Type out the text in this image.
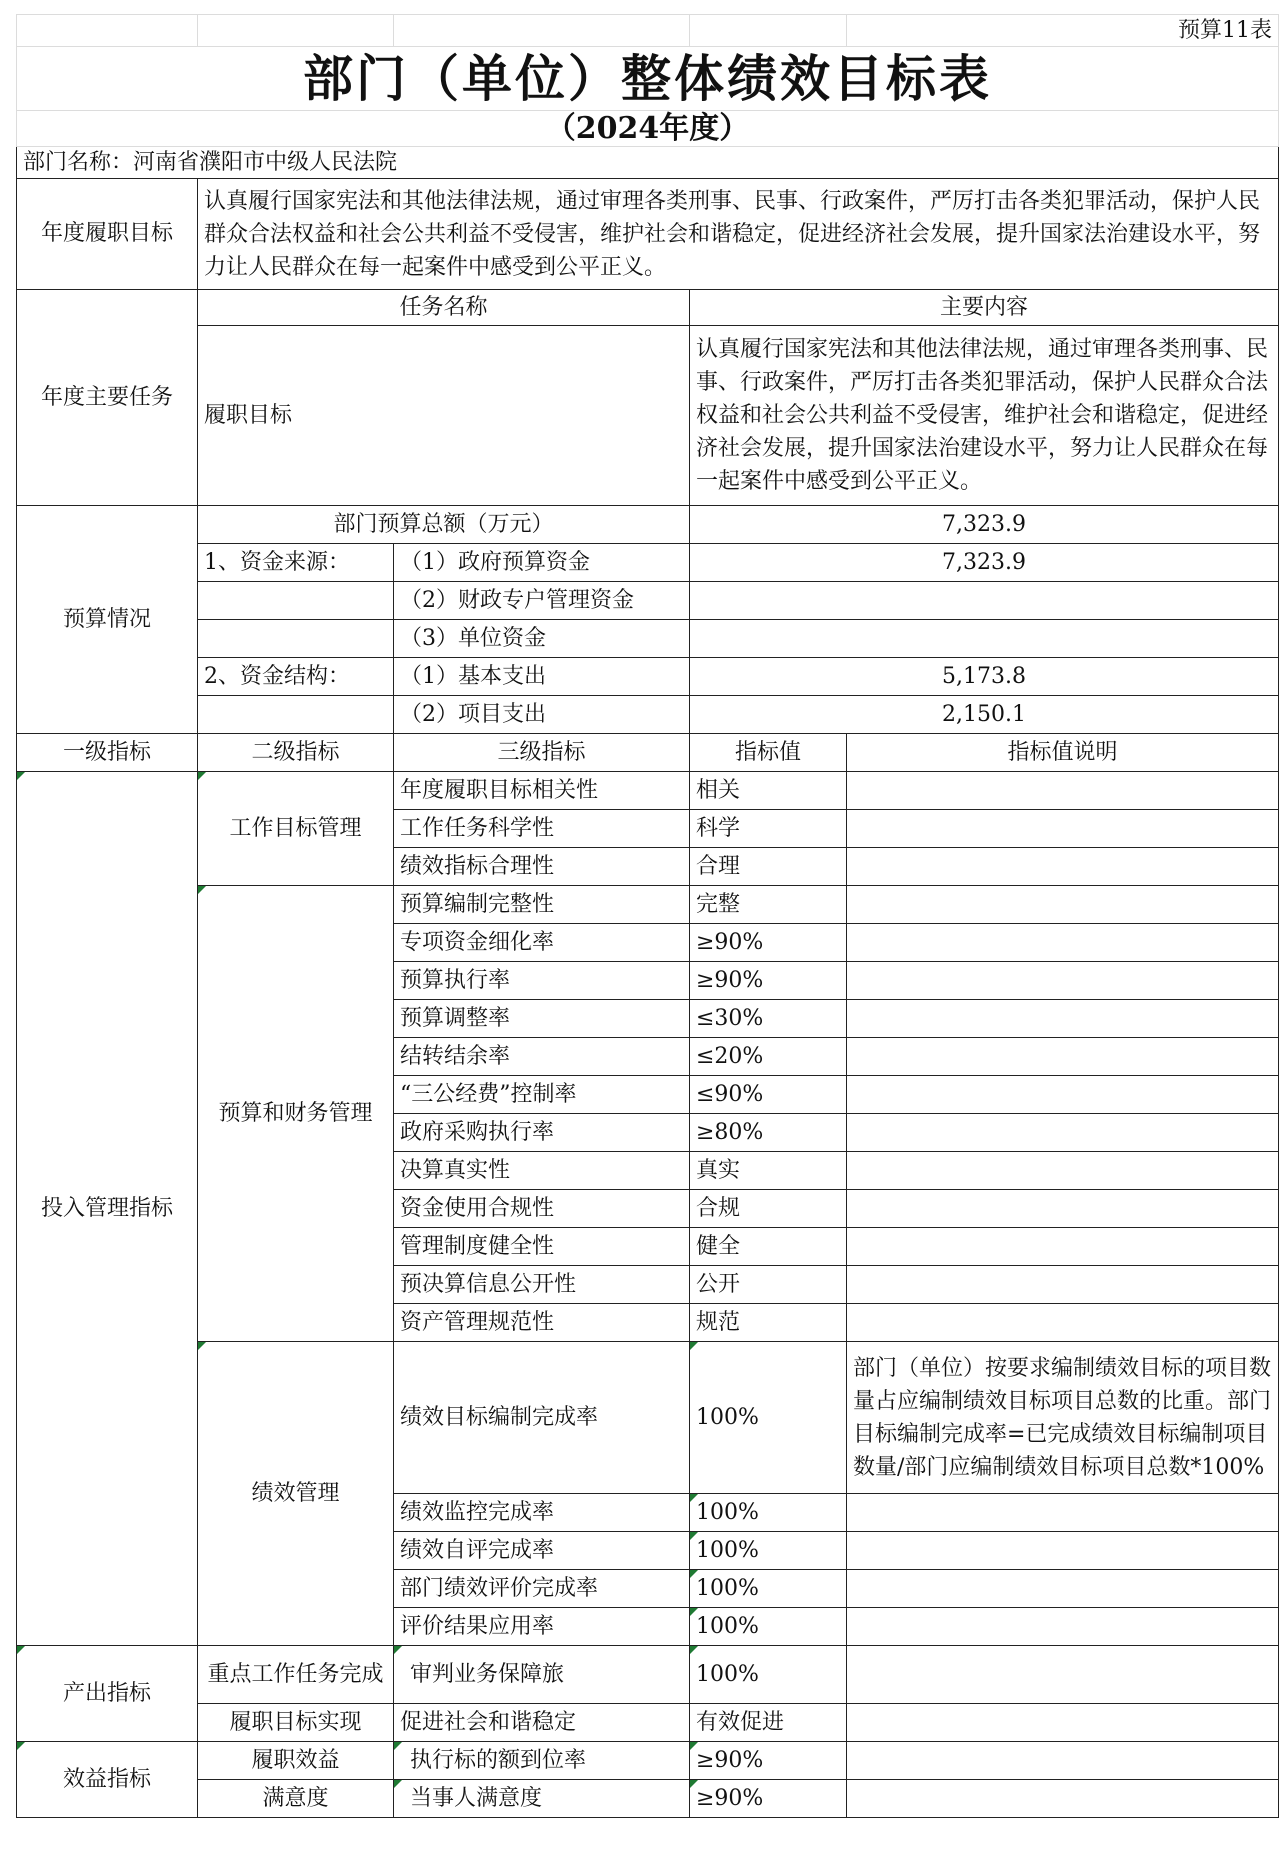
				预算11表
部门（单位）整体绩效目标表				
（2024年度）				
部门名称：河南省濮阳市中级人民法院				
年度履职目标	认真履行国家宪法和其他法律法规，通过审理各类刑事、民事、行政案件，严厉打击各类犯罪活动，保护人民群众合法权益和社会公共利益不受侵害，维护社会和谐稳定，促进经济社会发展，提升国家法治建设水平，努力让人民群众在每一起案件中感受到公平正义。			
年度主要任务	任务名称		主要内容	
	履职目标		认真履行国家宪法和其他法律法规，通过审理各类刑事、民事、行政案件，严厉打击各类犯罪活动，保护人民群众合法权益和社会公共利益不受侵害，维护社会和谐稳定，促进经济社会发展，提升国家法治建设水平，努力让人民群众在每一起案件中感受到公平正义。	
预算情况	部门预算总额（万元）		7,323.9	
	1、资金来源：	（1）政府预算资金	7,323.9	
		（2）财政专户管理资金		
		（3）单位资金		
	2、资金结构：	（1）基本支出	5,173.8	
		（2）项目支出	2,150.1	
一级指标	二级指标	三级指标	指标值	指标值说明
投入管理指标	工作目标管理	年度履职目标相关性	相关	
		工作任务科学性	科学	
		绩效指标合理性	合理	
	预算和财务管理	预算编制完整性	完整	
		专项资金细化率	≥90%	
		预算执行率	≥90%	
		预算调整率	≤30%	
		结转结余率	≤20%	
		“三公经费”控制率	≤90%	
		政府采购执行率	≥80%	
		决算真实性	真实	
		资金使用合规性	合规	
		管理制度健全性	健全	
		预决算信息公开性	公开	
		资产管理规范性	规范	
	绩效管理	绩效目标编制完成率	100%	部门（单位）按要求编制绩效目标的项目数量占应编制绩效目标项目总数的比重。部门目标编制完成率=已完成绩效目标编制项目数量/部门应编制绩效目标项目总数*100%
		绩效监控完成率	100%	
		绩效自评完成率	100%	
		部门绩效评价完成率	100%	
		评价结果应用率	100%	
产出指标	重点工作任务完成	审判业务保障旅	100%	
	履职目标实现	促进社会和谐稳定	有效促进	
效益指标	履职效益	执行标的额到位率	≥90%	
	满意度	当事人满意度	≥90%	
